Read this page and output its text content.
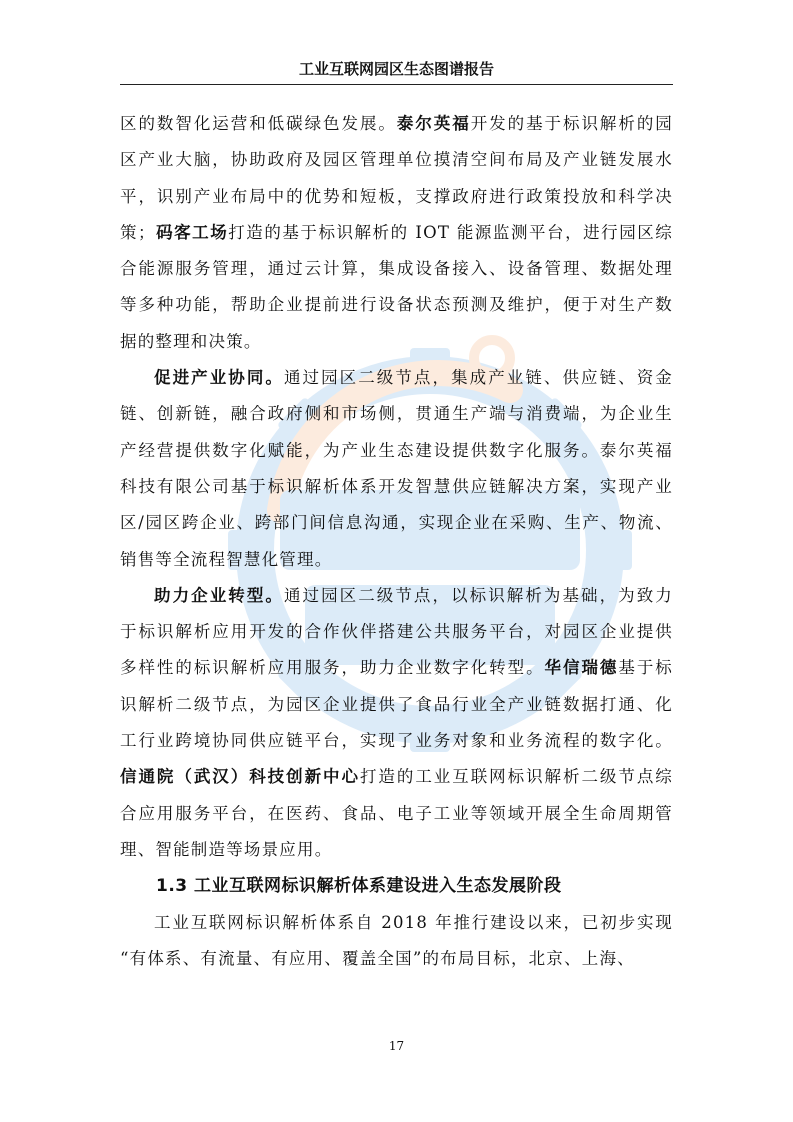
工业互联网园区生态图谱报告

区的数智化运营和低碳绿色发展。泰尔英福开发的基于标识解析的园

区产业大脑，协助政府及园区管理单位摸清空间布局及产业链发展水

平，识别产业布局中的优势和短板，支撑政府进行政策投放和科学决

策；码客工场打造的基于标识解析的 IOT 能源监测平台，进行园区综

合能源服务管理，通过云计算，集成设备接入、设备管理、数据处理

等多种功能，帮助企业提前进行设备状态预测及维护，便于对生产数

据的整理和决策。

促进产业协同。通过园区二级节点，集成产业链、供应链、资金

链、创新链，融合政府侧和市场侧，贯通生产端与消费端，为企业生

产经营提供数字化赋能，为产业生态建设提供数字化服务。泰尔英福

科技有限公司基于标识解析体系开发智慧供应链解决方案，实现产业

区/园区跨企业、跨部门间信息沟通，实现企业在采购、生产、物流、

销售等全流程智慧化管理。

助力企业转型。通过园区二级节点，以标识解析为基础，为致力

于标识解析应用开发的合作伙伴搭建公共服务平台，对园区企业提供

多样性的标识解析应用服务，助力企业数字化转型。华信瑞德基于标

识解析二级节点，为园区企业提供了食品行业全产业链数据打通、化

工行业跨境协同供应链平台，实现了业务对象和业务流程的数字化。

信通院（武汉）科技创新中心打造的工业互联网标识解析二级节点综

合应用服务平台，在医药、食品、电子工业等领域开展全生命周期管

理、智能制造等场景应用。

1.3 工业互联网标识解析体系建设进入生态发展阶段

工业互联网标识解析体系自 2018 年推行建设以来，已初步实现

“有体系、有流量、有应用、覆盖全国”的布局目标，北京、上海、

17
